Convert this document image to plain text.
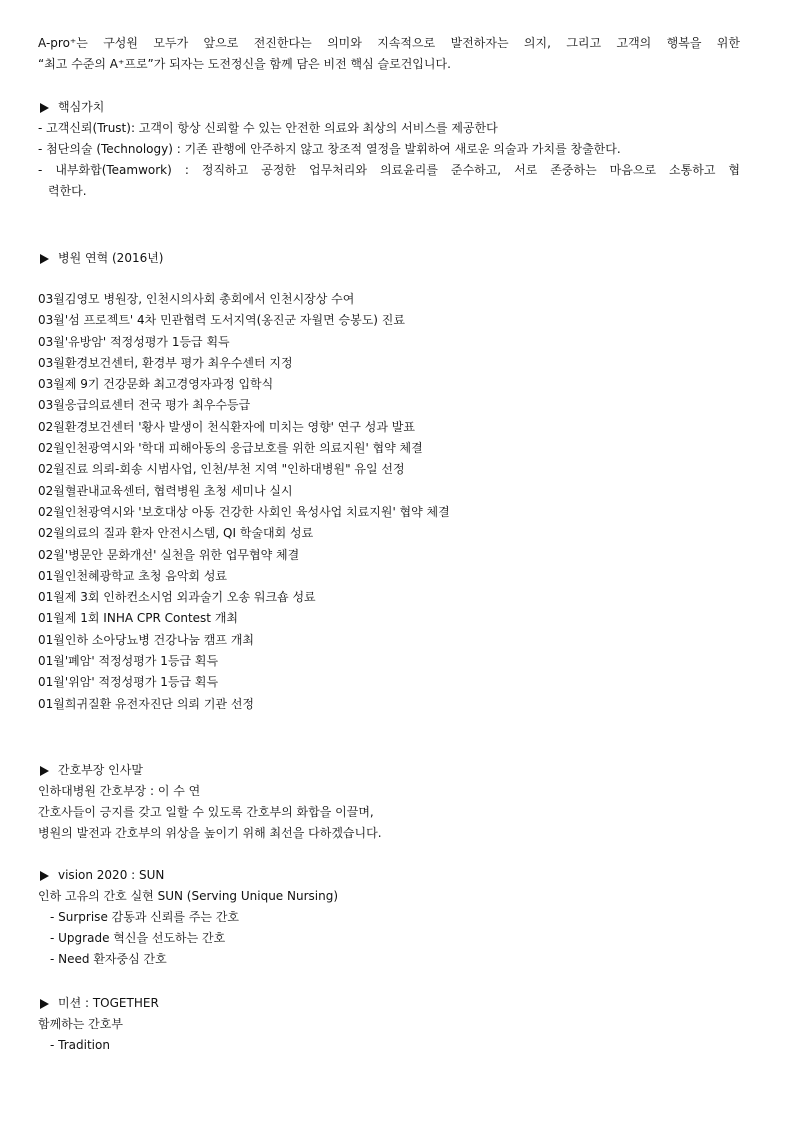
A-pro⁺는 구성원 모두가 앞으로 전진한다는 의미와 지속적으로 발전하자는 의지, 그리고 고객의 행복을 위한
“최고 수준의 A⁺프로”가 되자는 도전정신을 함께 담은 비전 핵심 슬로건입니다.
핵심가치
- 고객신뢰(Trust): 고객이 항상 신뢰할 수 있는 안전한 의료와 최상의 서비스를 제공한다
- 첨단의술 (Technology) : 기존 관행에 안주하지 않고 창조적 열정을 발휘하여 새로운 의술과 가치를 창출한다.
- 내부화합(Teamwork) : 정직하고 공정한 업무처리와 의료윤리를 준수하고, 서로 존중하는 마음으로 소통하고 협
력한다.
병원 연혁 (2016년)
03월김영모 병원장, 인천시의사회 총회에서 인천시장상 수여
03월'섬 프로젝트' 4차 민관협력 도서지역(옹진군 자월면 승봉도) 진료
03월'유방암' 적정성평가 1등급 획득
03월환경보건센터, 환경부 평가 최우수센터 지정
03월제 9기 건강문화 최고경영자과정 입학식
03월응급의료센터 전국 평가 최우수등급
02월환경보건센터 '황사 발생이 천식환자에 미치는 영향' 연구 성과 발표
02월인천광역시와 '학대 피해아동의 응급보호를 위한 의료지원' 협약 체결
02월진료 의뢰-회송 시범사업, 인천/부천 지역 "인하대병원" 유일 선정
02월혈관내교육센터, 협력병원 초청 세미나 실시
02월인천광역시와 '보호대상 아동 건강한 사회인 육성사업 치료지원' 협약 체결
02월의료의 질과 환자 안전시스템, QI 학술대회 성료
02월'병문안 문화개선' 실천을 위한 업무협약 체결
01월인천혜광학교 초청 음악회 성료
01월제 3회 인하컨소시엄 외과술기 오송 워크숍 성료
01월제 1회 INHA CPR Contest 개최
01월인하 소아당뇨병 건강나눔 캠프 개최
01월'폐암' 적정성평가 1등급 획득
01월'위암' 적정성평가 1등급 획득
01월희귀질환 유전자진단 의뢰 기관 선정
간호부장 인사말
인하대병원 간호부장 : 이 수 연
간호사들이 긍지를 갖고 일할 수 있도록 간호부의 화합을 이끌며,
병원의 발전과 간호부의 위상을 높이기 위해 최선을 다하겠습니다.
vision 2020 : SUN
인하 고유의 간호 실현 SUN (Serving Unique Nursing)
- Surprise 감동과 신뢰를 주는 간호
- Upgrade 혁신을 선도하는 간호
- Need 환자중심 간호
미션 : TOGETHER
함께하는 간호부
- Tradition
